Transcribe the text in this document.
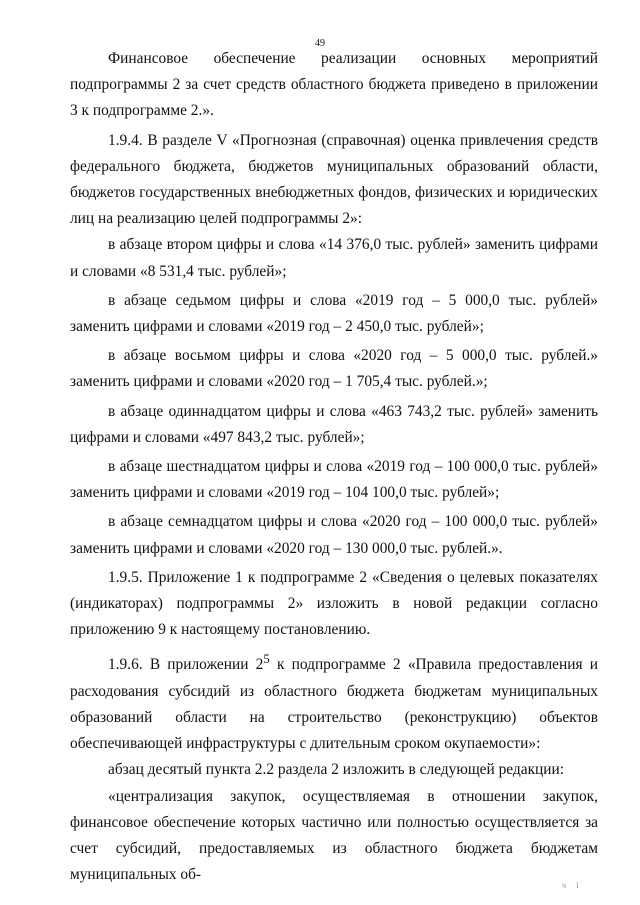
49

Финансовое обеспечение реализации основных мероприятий подпрограммы 2 за счет средств областного бюджета приведено в приложении 3 к подпрограмме 2.».

1.9.4. В разделе V «Прогнозная (справочная) оценка привлечения средств федерального бюджета, бюджетов муниципальных образований области, бюджетов государственных внебюджетных фондов, физических и юридических лиц на реализацию целей подпрограммы 2»:

в абзаце втором цифры и слова «14 376,0 тыс. рублей» заменить цифрами и словами «8 531,4 тыс. рублей»;

в абзаце седьмом цифры и слова «2019 год – 5 000,0 тыс. рублей» заменить цифрами и словами «2019 год – 2 450,0 тыс. рублей»;

в абзаце восьмом цифры и слова «2020 год – 5 000,0 тыс. рублей.» заменить цифрами и словами «2020 год – 1 705,4 тыс. рублей.»;

в абзаце одиннадцатом цифры и слова «463 743,2 тыс. рублей» заменить цифрами и словами «497 843,2 тыс. рублей»;

в абзаце шестнадцатом цифры и слова «2019 год – 100 000,0 тыс. рублей» заменить цифрами и словами «2019 год – 104 100,0 тыс. рублей»;

в абзаце семнадцатом цифры и слова «2020 год – 100 000,0 тыс. рублей» заменить цифрами и словами «2020 год – 130 000,0 тыс. рублей.».

1.9.5. Приложение 1 к подпрограмме 2 «Сведения о целевых показателях (индикаторах) подпрограммы 2» изложить в новой редакции согласно приложению 9 к настоящему постановлению.

1.9.6. В приложении $2^5$ к подпрограмме 2 «Правила предоставления и расходования субсидий из областного бюджета бюджетам муниципальных образований области на строительство (реконструкцию) объектов обеспечивающей инфраструктуры с длительным сроком окупаемости»:

абзац десятый пункта 2.2 раздела 2 изложить в следующей редакции:

«централизация закупок, осуществляемая в отношении закупок, финансовое обеспечение которых частично или полностью осуществляется за счет субсидий, предоставляемых из областного бюджета бюджетам муниципальных об-

ч I
